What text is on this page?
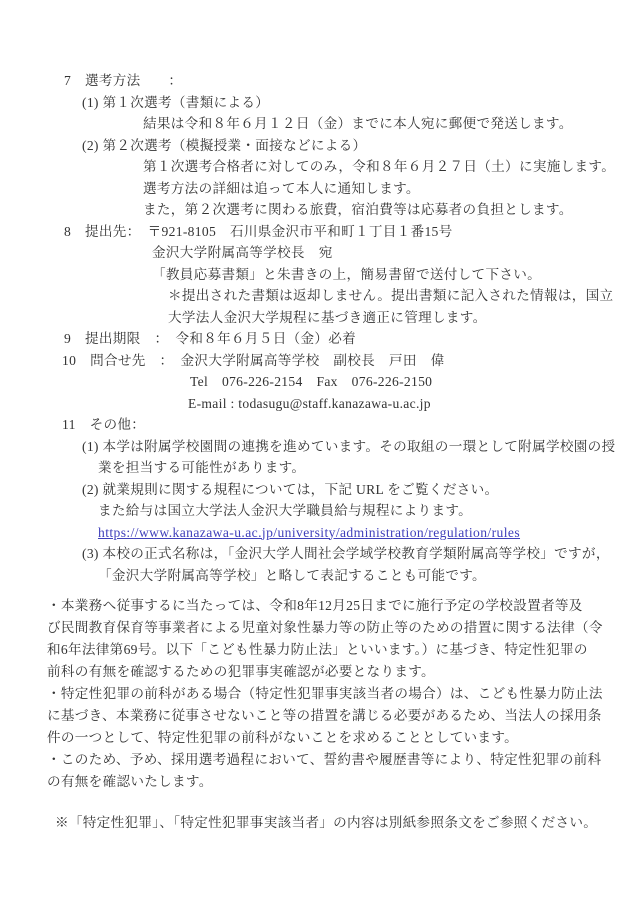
7　選考方法　　：
(1) 第１次選考（書類による）
結果は令和８年６月１２日（金）までに本人宛に郵便で発送します。
(2) 第２次選考（模擬授業・面接などによる）
第１次選考合格者に対してのみ，令和８年６月２７日（土）に実施します。
選考方法の詳細は追って本人に通知します。
また，第２次選考に関わる旅費，宿泊費等は応募者の負担とします。
8　提出先：　〒921-8105　石川県金沢市平和町１丁目１番15号
金沢大学附属高等学校長　宛
「教員応募書類」と朱書きの上，簡易書留で送付して下さい。
＊提出された書類は返却しません。提出書類に記入された情報は，国立
大学法人金沢大学規程に基づき適正に管理します。
9　提出期限　：　令和８年６月５日（金）必着
10　問合せ先　：　金沢大学附属高等学校　副校長　戸田　偉
Tel　076-226-2154　Fax　076-226-2150
E-mail : todasugu@staff.kanazawa-u.ac.jp
11　その他：
(1) 本学は附属学校園間の連携を進めています。その取組の一環として附属学校園の授
業を担当する可能性があります。
(2) 就業規則に関する規程については，下記 URL をご覧ください。
また給与は国立大学法人金沢大学職員給与規程によります。
https://www.kanazawa-u.ac.jp/university/administration/regulation/rules
(3) 本校の正式名称は，「金沢大学人間社会学域学校教育学類附属高等学校」ですが，
「金沢大学附属高等学校」と略して表記することも可能です。
・本業務へ従事するに当たっては、令和8年12月25日までに施行予定の学校設置者等及
び民間教育保育等事業者による児童対象性暴力等の防止等のための措置に関する法律（令
和6年法律第69号。以下「こども性暴力防止法」といいます。）に基づき、特定性犯罪の
前科の有無を確認するための犯罪事実確認が必要となります。
・特定性犯罪の前科がある場合（特定性犯罪事実該当者の場合）は、こども性暴力防止法
に基づき、本業務に従事させないこと等の措置を講じる必要があるため、当法人の採用条
件の一つとして、特定性犯罪の前科がないことを求めることとしています。
・このため、予め、採用選考過程において、誓約書や履歴書等により、特定性犯罪の前科
の有無を確認いたします。
※「特定性犯罪」、「特定性犯罪事実該当者」の内容は別紙参照条文をご参照ください。
